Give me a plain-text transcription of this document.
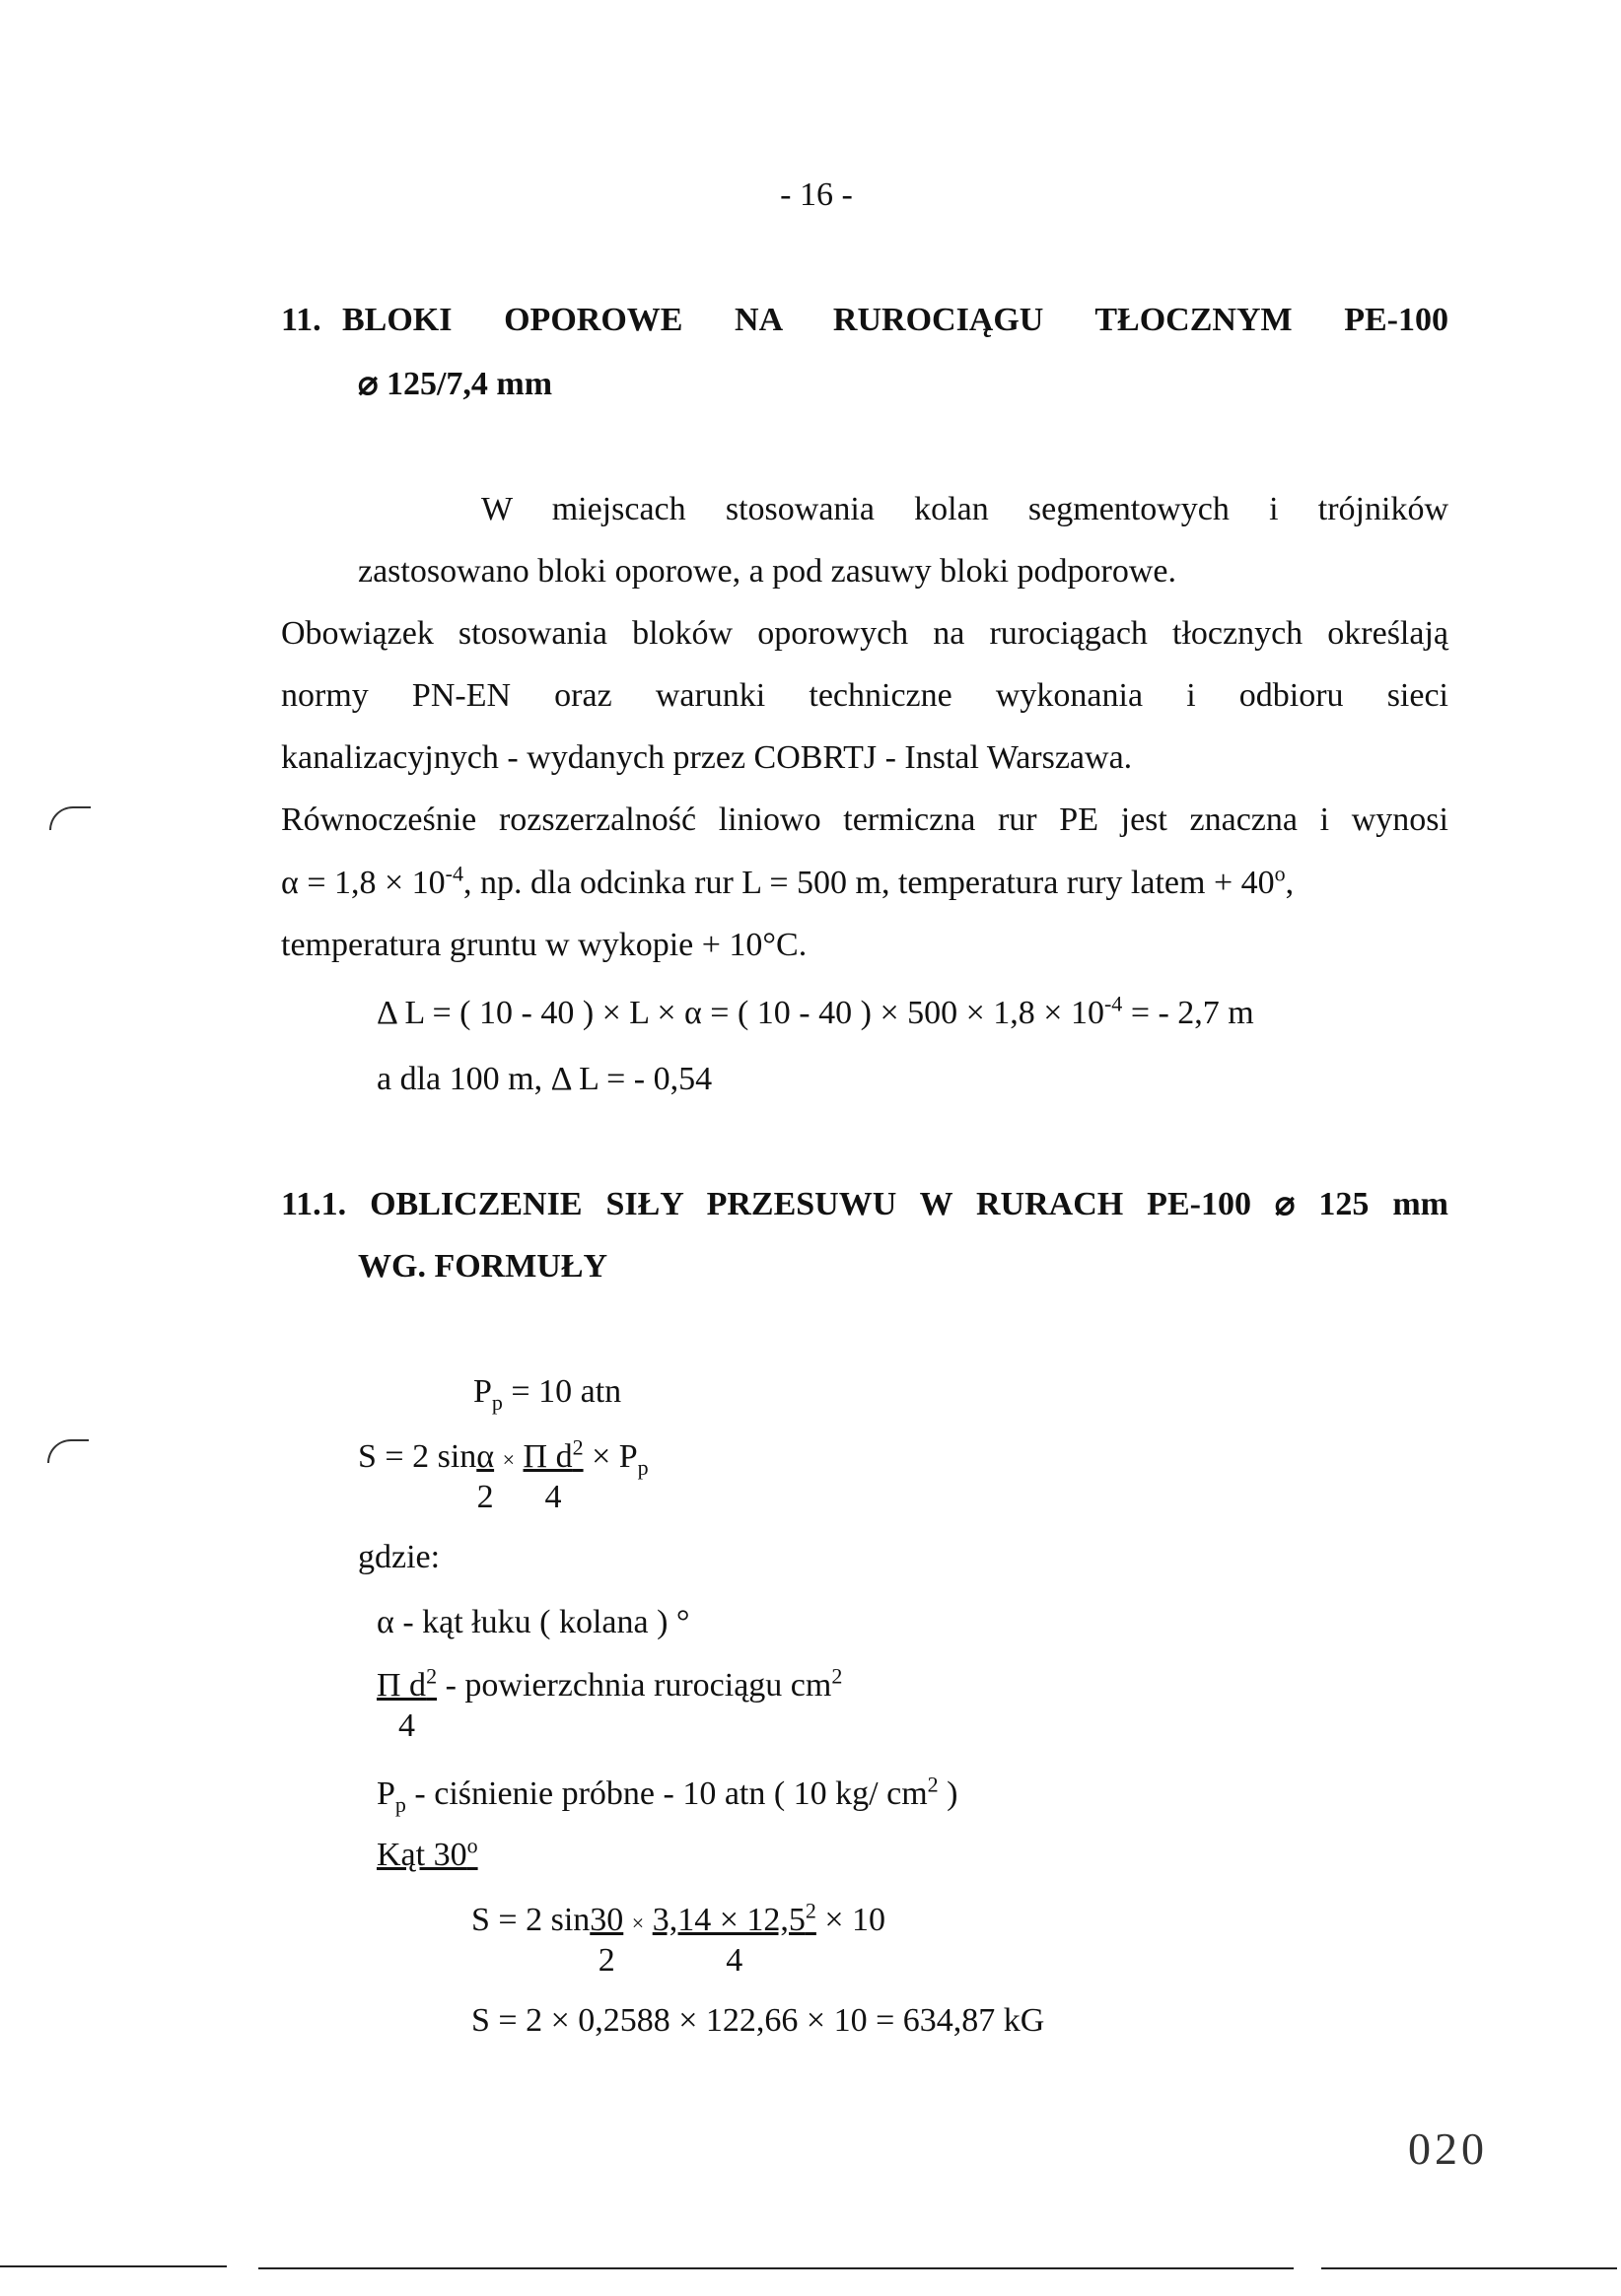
- 16 -
11. BLOKI OPOROWE NA RUROCIĄGU TŁOCZNYM PE-100
⌀ 125/7,4 mm
W miejscach stosowania kolan segmentowych i trójników
zastosowano bloki oporowe, a pod zasuwy bloki podporowe.
Obowiązek stosowania bloków oporowych na rurociągach tłocznych określają
normy PN-EN oraz warunki techniczne wykonania i odbioru sieci
kanalizacyjnych - wydanych przez COBRTJ - Instal Warszawa.
Równocześnie rozszerzalność liniowo termiczna rur PE jest znaczna i wynosi
$\alpha = 1,8 \times 10^{-4}$, np. dla odcinka rur L = 500 m, temperatura rury latem + $40^o$,
temperatura gruntu w wykopie + 10°C.
Δ L = ( 10 - 40 ) × L × α = ( 10 - 40 ) × $500 \times 1,8 \times 10^{-4}$ = - 2,7 m
a dla 100 m, Δ L = - 0,54
11.1. OBLICZENIE SIŁY PRZESUWU W RURACH PE-100 ⌀ 125 mm
WG. FORMUŁY
$P_p = 10$ atn
S = 2 $\sin \frac{\alpha}{2} \times \frac{\Pi d^2}{4} \times P_p$
gdzie:
α - kąt łuku ( kolana ) °
$\frac{\Pi d^2}{4}$ - powierzchnia rurociągu $cm^2$
$P_p$ - ciśnienie próbne - 10 atn ( 10 kg/ $cm^2$ )
Kąt 30$^o$
S = 2 $\sin \frac{30}{2} \times \frac{3,14 \times 12,5^2}{4} \times 10$
S = 2 × 0,2588 × 122,66 × 10 = 634,87 kG
020
